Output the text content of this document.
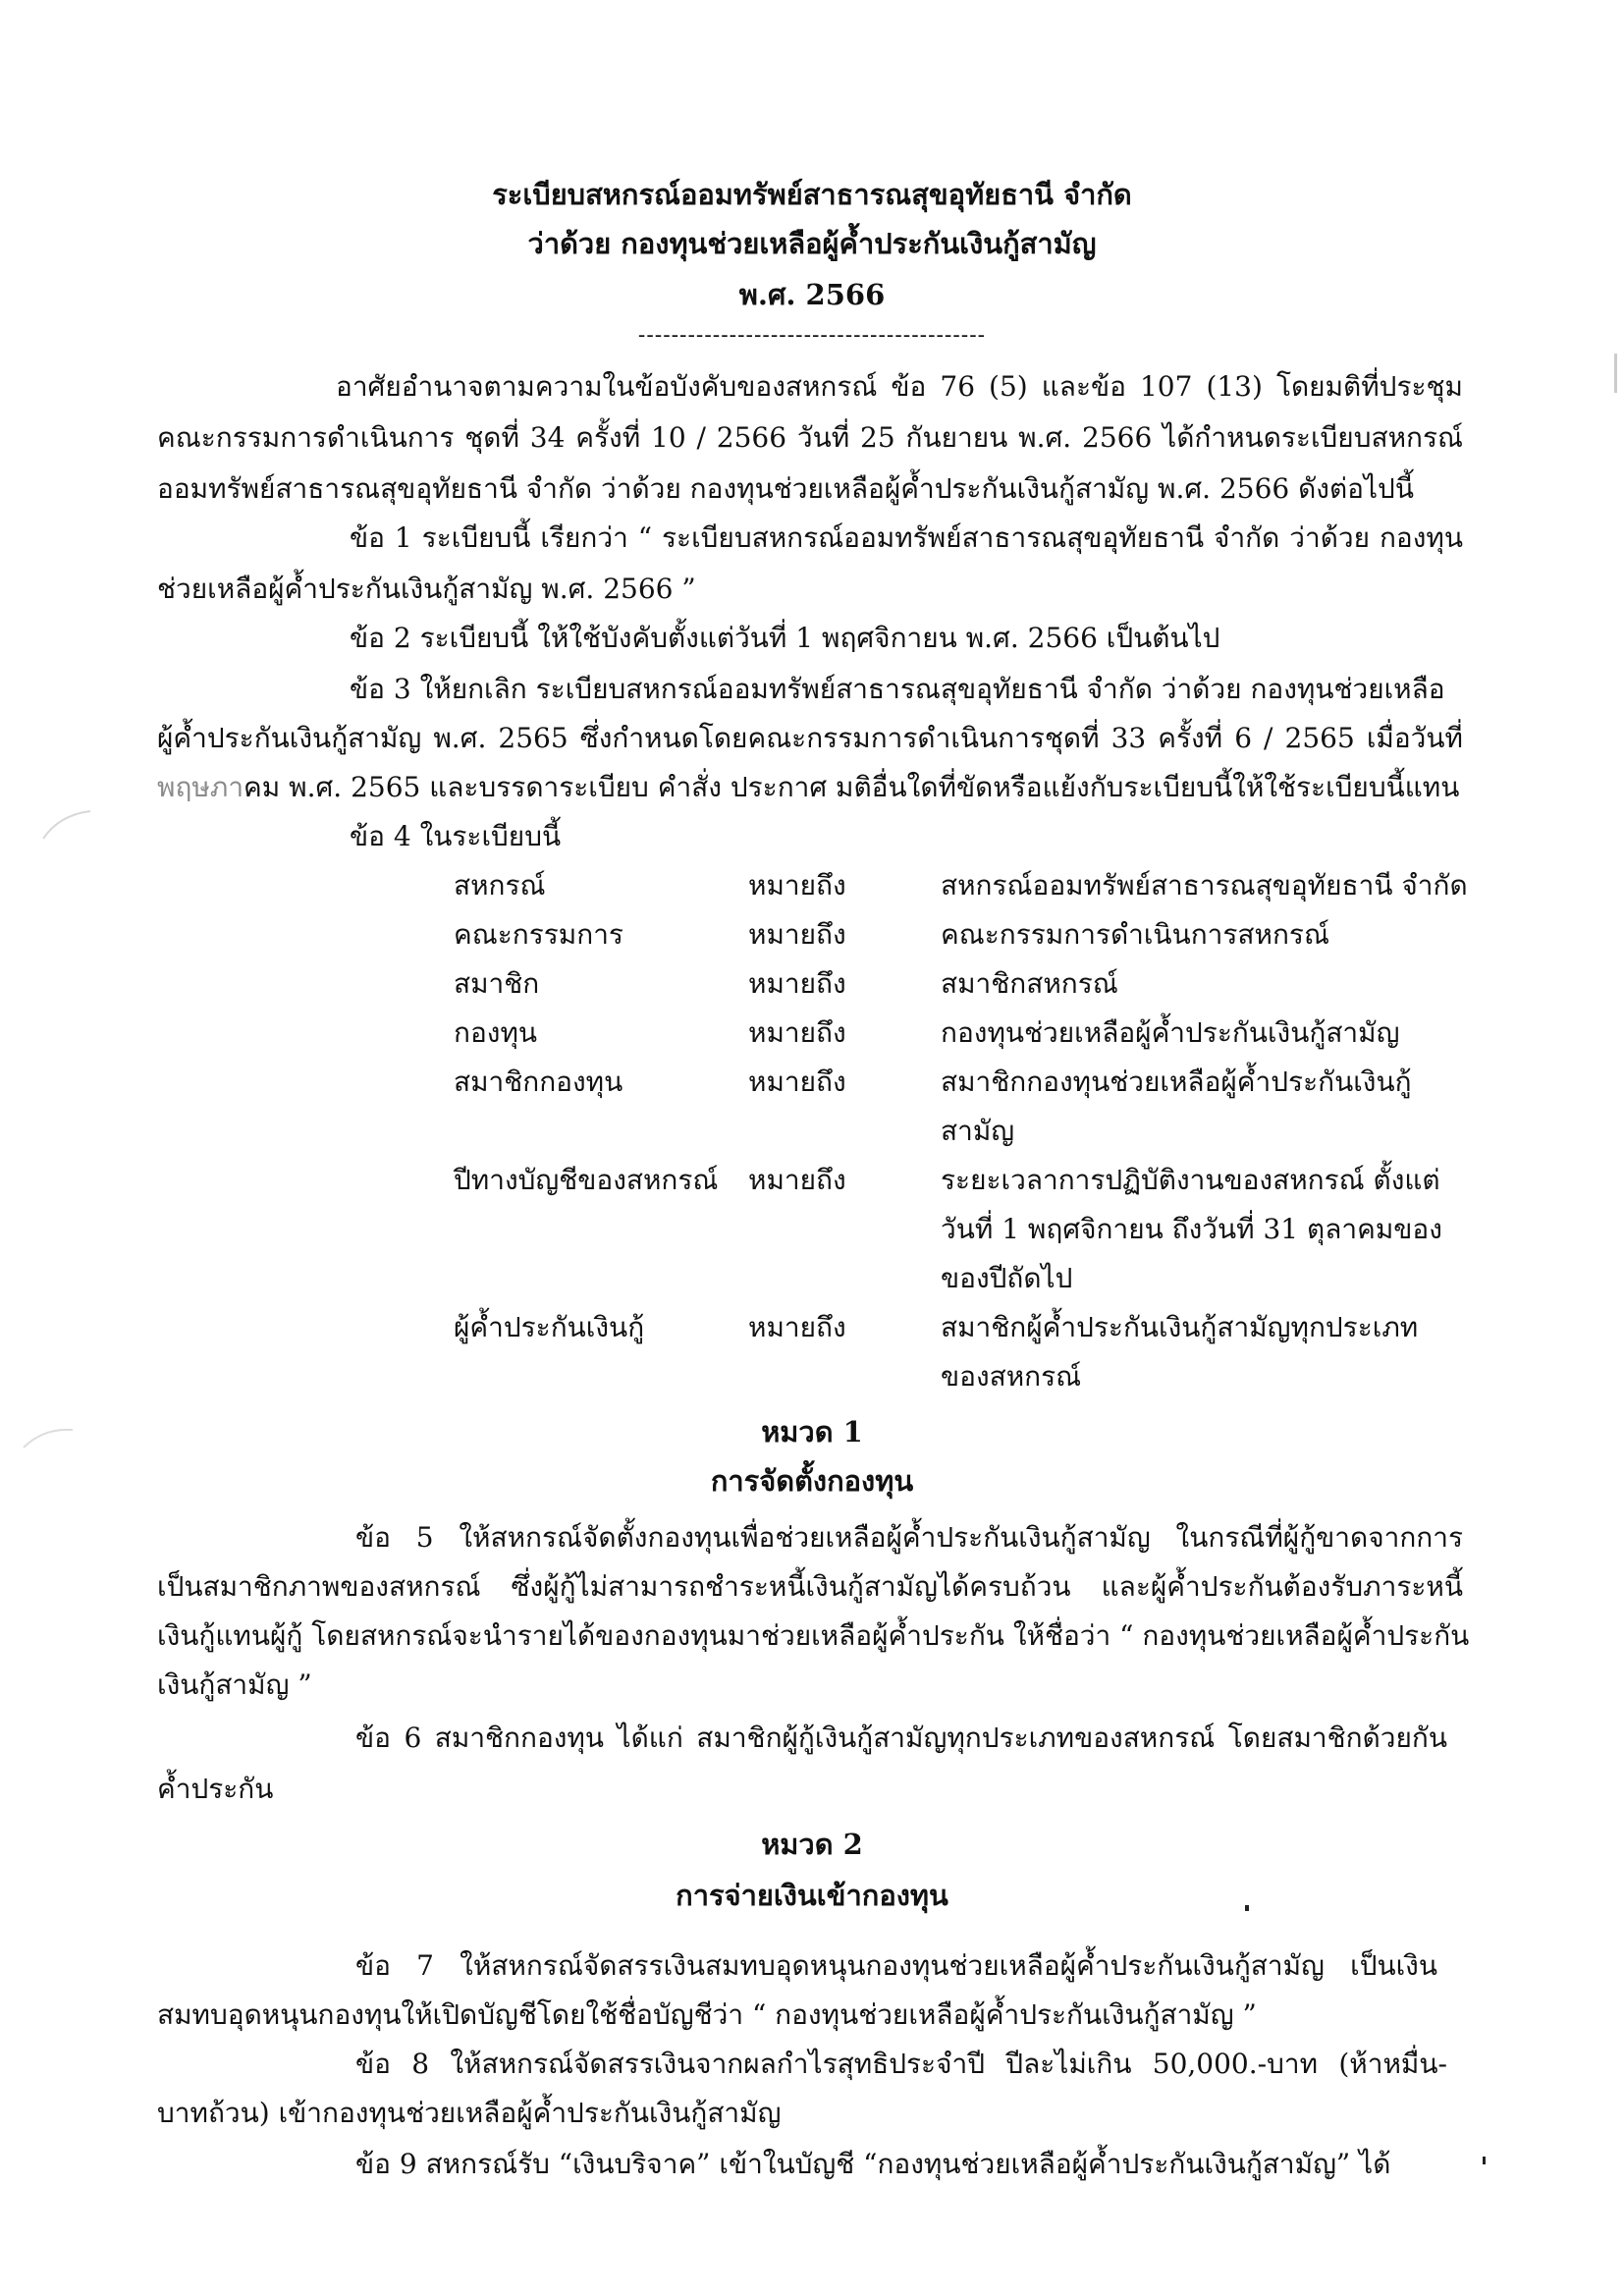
ระเบียบสหกรณ์ออมทรัพย์สาธารณสุขอุทัยธานี จำกัด
ว่าด้วย กองทุนช่วยเหลือผู้ค้ำประกันเงินกู้สามัญ
พ.ศ. 2566
------------------------------------------
อาศัยอำนาจตามความในข้อบังคับของสหกรณ์ ข้อ 76 (5) และข้อ 107 (13) โดยมติที่ประชุม
คณะกรรมการดำเนินการ ชุดที่ 34 ครั้งที่ 10 / 2566 วันที่ 25 กันยายน พ.ศ. 2566 ได้กำหนดระเบียบสหกรณ์
ออมทรัพย์สาธารณสุขอุทัยธานี จำกัด ว่าด้วย กองทุนช่วยเหลือผู้ค้ำประกันเงินกู้สามัญ พ.ศ. 2566 ดังต่อไปนี้
ข้อ 1 ระเบียบนี้ เรียกว่า “ ระเบียบสหกรณ์ออมทรัพย์สาธารณสุขอุทัยธานี จำกัด ว่าด้วย กองทุน
ช่วยเหลือผู้ค้ำประกันเงินกู้สามัญ พ.ศ. 2566 ”
ข้อ 2 ระเบียบนี้ ให้ใช้บังคับตั้งแต่วันที่ 1 พฤศจิกายน พ.ศ. 2566 เป็นต้นไป
ข้อ 3 ให้ยกเลิก ระเบียบสหกรณ์ออมทรัพย์สาธารณสุขอุทัยธานี จำกัด ว่าด้วย กองทุนช่วยเหลือ
ผู้ค้ำประกันเงินกู้สามัญ พ.ศ. 2565 ซึ่งกำหนดโดยคณะกรรมการดำเนินการชุดที่ 33 ครั้งที่ 6 / 2565 เมื่อวันที่
พฤษภาคม พ.ศ. 2565 และบรรดาระเบียบ คำสั่ง ประกาศ มติอื่นใดที่ขัดหรือแย้งกับระเบียบนี้ให้ใช้ระเบียบนี้แทน
ข้อ 4 ในระเบียบนี้
สหกรณ์	หมายถึง	สหกรณ์ออมทรัพย์สาธารณสุขอุทัยธานี จำกัด
คณะกรรมการ	หมายถึง	คณะกรรมการดำเนินการสหกรณ์
สมาชิก	หมายถึง	สมาชิกสหกรณ์
กองทุน	หมายถึง	กองทุนช่วยเหลือผู้ค้ำประกันเงินกู้สามัญ
สมาชิกกองทุน	หมายถึง	สมาชิกกองทุนช่วยเหลือผู้ค้ำประกันเงินกู้
สามัญ
ปีทางบัญชีของสหกรณ์ หมายถึง	ระยะเวลาการปฏิบัติงานของสหกรณ์ ตั้งแต่
วันที่ 1 พฤศจิกายน ถึงวันที่ 31 ตุลาคมของ
ของปีถัดไป
ผู้ค้ำประกันเงินกู้	หมายถึง	สมาชิกผู้ค้ำประกันเงินกู้สามัญทุกประเภท
ของสหกรณ์
หมวด 1
การจัดตั้งกองทุน
ข้อ 5 ให้สหกรณ์จัดตั้งกองทุนเพื่อช่วยเหลือผู้ค้ำประกันเงินกู้สามัญ ในกรณีที่ผู้กู้ขาดจากการ
เป็นสมาชิกภาพของสหกรณ์ ซึ่งผู้กู้ไม่สามารถชำระหนี้เงินกู้สามัญได้ครบถ้วน และผู้ค้ำประกันต้องรับภาระหนี้
เงินกู้แทนผู้กู้ โดยสหกรณ์จะนำรายได้ของกองทุนมาช่วยเหลือผู้ค้ำประกัน ให้ชื่อว่า “ กองทุนช่วยเหลือผู้ค้ำประกัน
เงินกู้สามัญ ”
ข้อ 6 สมาชิกกองทุน ได้แก่ สมาชิกผู้กู้เงินกู้สามัญทุกประเภทของสหกรณ์ โดยสมาชิกด้วยกัน
ค้ำประกัน
หมวด 2
การจ่ายเงินเข้ากองทุน
ข้อ 7 ให้สหกรณ์จัดสรรเงินสมทบอุดหนุนกองทุนช่วยเหลือผู้ค้ำประกันเงินกู้สามัญ เป็นเงิน
สมทบอุดหนุนกองทุนให้เปิดบัญชีโดยใช้ชื่อบัญชีว่า “ กองทุนช่วยเหลือผู้ค้ำประกันเงินกู้สามัญ ”
ข้อ 8 ให้สหกรณ์จัดสรรเงินจากผลกำไรสุทธิประจำปี ปีละไม่เกิน 50,000.-บาท (ห้าหมื่น-
บาทถ้วน) เข้ากองทุนช่วยเหลือผู้ค้ำประกันเงินกู้สามัญ
ข้อ 9 สหกรณ์รับ “เงินบริจาค” เข้าในบัญชี “กองทุนช่วยเหลือผู้ค้ำประกันเงินกู้สามัญ” ได้
